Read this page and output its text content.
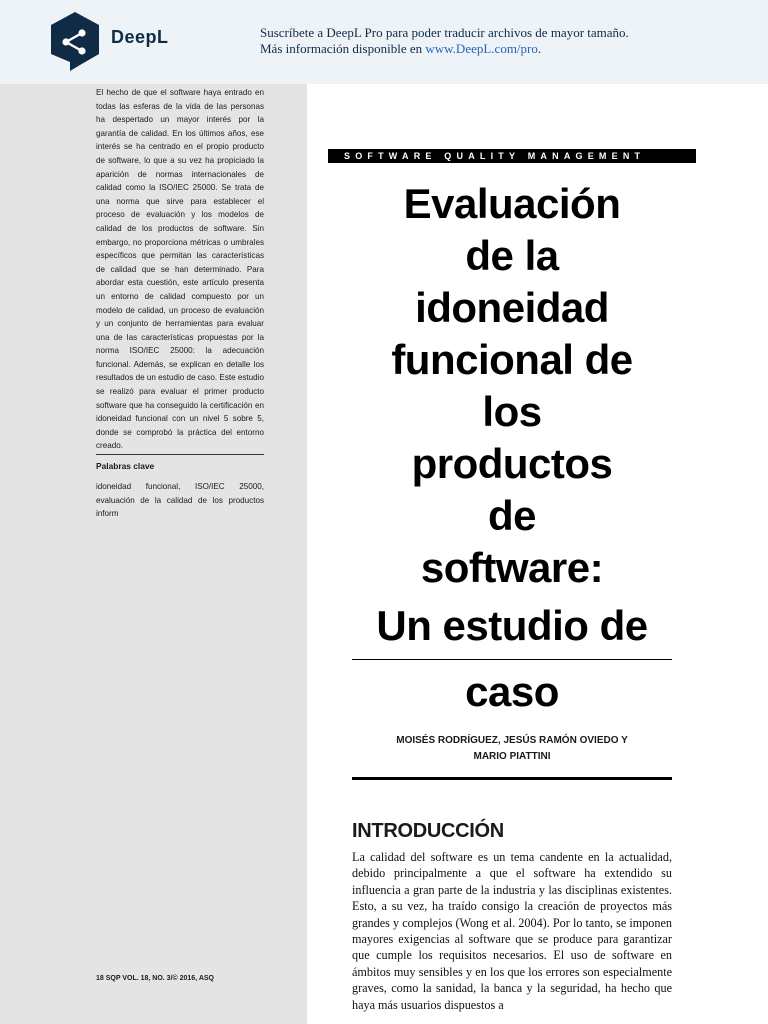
DeepL	Suscríbete a DeepL Pro para poder traducir archivos de mayor tamaño.
Más información disponible en www.DeepL.com/pro.
El hecho de que el software haya entrado en todas las esferas de la vida de las personas ha despertado un mayor interés por la garantía de calidad. En los últimos años, ese interés se ha centrado en el propio producto de software, lo que a su vez ha propiciado la aparición de normas internacionales de calidad como la ISO/IEC 25000. Se trata de una norma que sirve para establecer el proceso de evaluación y los modelos de calidad de los productos de software. Sin embargo, no proporciona métricas o umbrales específicos que permitan las características de calidad que se han determinado. Para abordar esta cuestión, este artículo presenta un entorno de calidad compuesto por un modelo de calidad, un proceso de evaluación y un conjunto de herramientas para evaluar una de las características propuestas por la norma ISO/IEC 25000: la adecuación funcional. Además, se explican en detalle los resultados de un estudio de caso. Este estudio se realizó para evaluar el primer producto software que ha conseguido la certificación en idoneidad funcional con un nivel 5 sobre 5, donde se comprobó la práctica del entorno creado.
Palabras clave
idoneidad funcional, ISO/IEC 25000, evaluación de la calidad de los productos inform
18 SQP VOL. 18, NO. 3/© 2016, ASQ
SOFTWARE QUALITY MANAGEMENT
Evaluación
de la
idoneidad
funcional de
los
productos
de
software:
Un estudio de
caso
MOISÉS RODRÍGUEZ, JESÚS RAMÓN OVIEDO Y
MARIO PIATTINI
INTRODUCCIÓN
La calidad del software es un tema candente en la actualidad, debido principalmente a que el software ha extendido su influencia a gran parte de la industria y las disciplinas existentes. Esto, a su vez, ha traído consigo la creación de proyectos más grandes y complejos (Wong et al. 2004). Por lo tanto, se imponen mayores exigencias al software que se produce para garantizar que cumple los requisitos necesarios. El uso de software en ámbitos muy sensibles y en los que los errores son especialmente graves, como la sanidad, la banca y la seguridad, ha hecho que haya más usuarios dispuestos a
